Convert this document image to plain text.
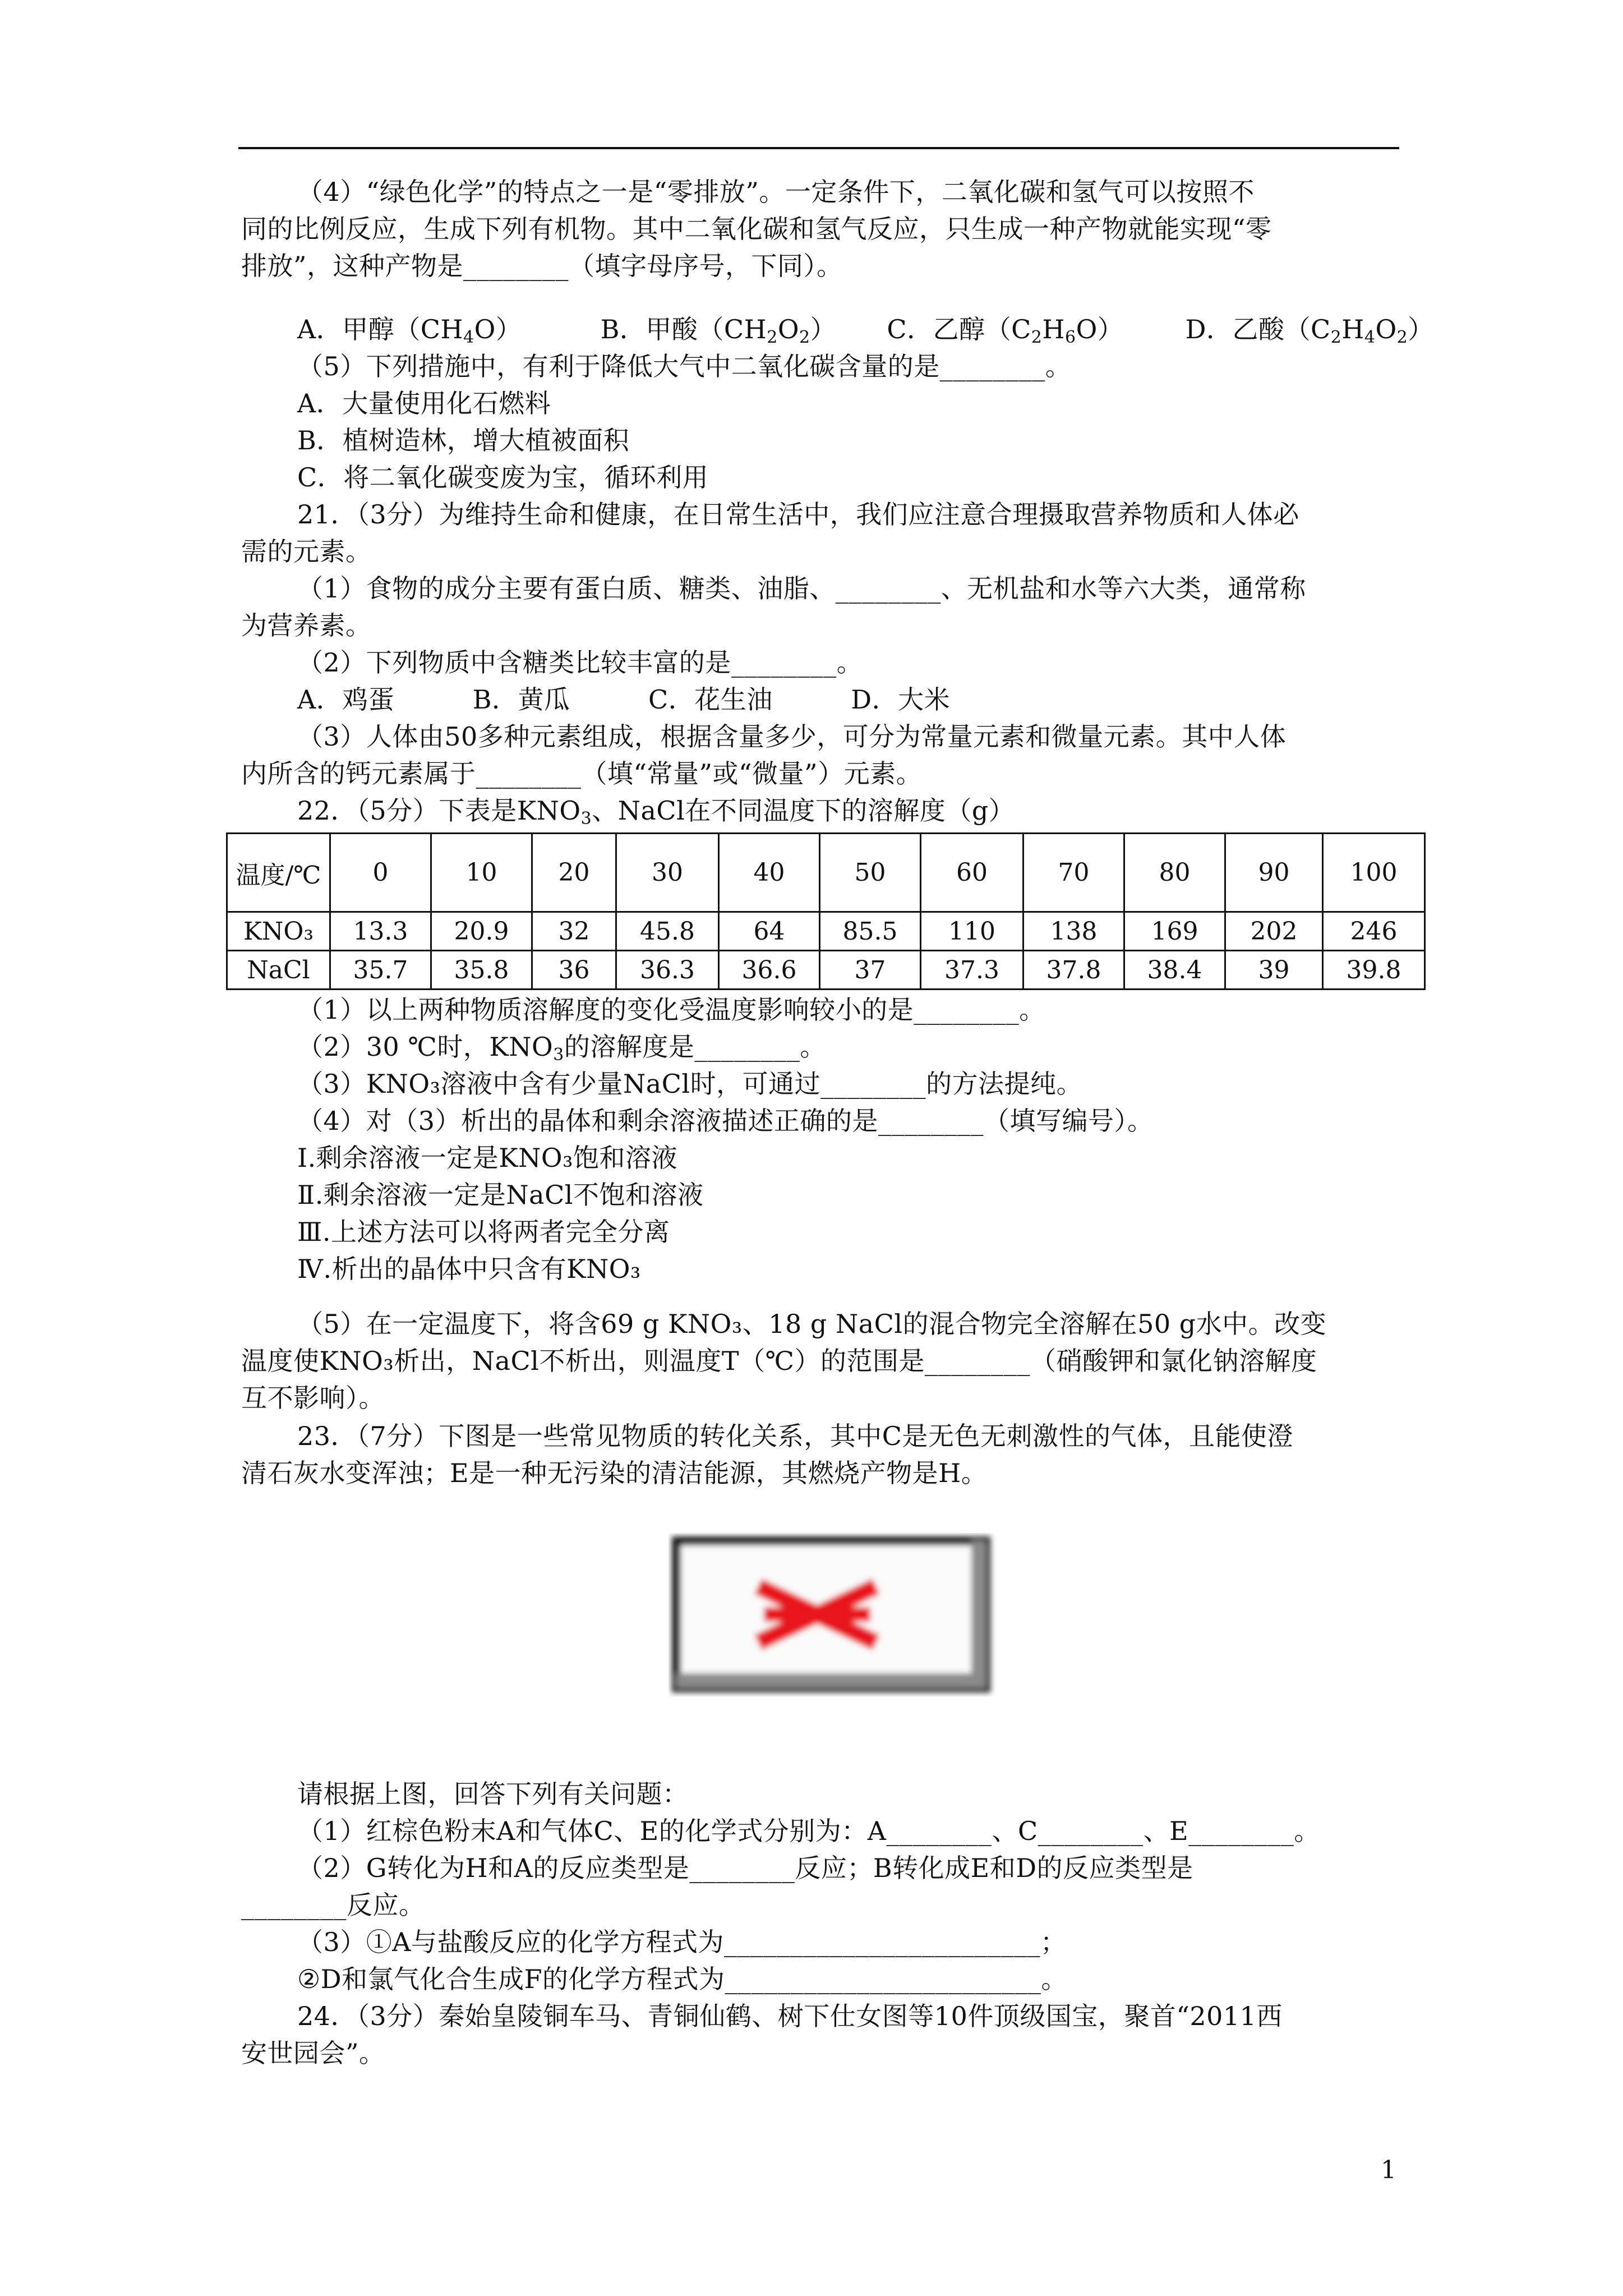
（4）“绿色化学”的特点之一是“零排放”。一定条件下，二氧化碳和氢气可以按照不
同的比例反应，生成下列有机物。其中二氧化碳和氢气反应，只生成一种产物就能实现“零
排放”，这种产物是________（填字母序号，下同）。
A．甲醇$(CH_4O)$	B．甲酸$(CH_2O_2)$ C．乙醇$(C_2H_6O)$ D．乙酸$(C_2H_4O_2)$
（5）下列措施中，有利于降低大气中二氧化碳含量的是________。
A．大量使用化石燃料
B．植树造林，增大植被面积
C．将二氧化碳变废为宝，循环利用
21．（3分）为维持生命和健康，在日常生活中，我们应注意合理摄取营养物质和人体必
需的元素。
（1）食物的成分主要有蛋白质、糖类、油脂、________、无机盐和水等六大类，通常称
为营养素。
（2）下列物质中含糖类比较丰富的是________。
A．鸡蛋　　　B．黄瓜　　　C．花生油　　　D．大米
（3）人体由50多种元素组成，根据含量多少，可分为常量元素和微量元素。其中人体
内所含的钙元素属于________（填“常量”或“微量”）元素。
22．（5分）下表是$KNO_3$、NaCl在不同温度下的溶解度（g）
温度/℃	0	10	20	30	40	50	60	70	80	90	100
KNO₃	13.3	20.9	32	45.8	64	85.5	110	138	169	202	246
NaCl	35.7	35.8	36	36.3	36.6	37	37.3	37.8	38.4	39	39.8
（1）以上两种物质溶解度的变化受温度影响较小的是________。
（2）30 ℃时，$KNO_3$的溶解度是________。
（3）KNO₃溶液中含有少量NaCl时，可通过________的方法提纯。
（4）对（3）析出的晶体和剩余溶液描述正确的是________（填写编号）。
Ⅰ.剩余溶液一定是KNO₃饱和溶液
Ⅱ.剩余溶液一定是NaCl不饱和溶液
Ⅲ.上述方法可以将两者完全分离
Ⅳ.析出的晶体中只含有KNO₃
（5）在一定温度下，将含69 g KNO₃、18 g NaCl的混合物完全溶解在50 g水中。改变
温度使KNO₃析出，NaCl不析出，则温度T（℃）的范围是________（硝酸钾和氯化钠溶解度
互不影响）。
23．（7分）下图是一些常见物质的转化关系，其中C是无色无刺激性的气体，且能使澄
清石灰水变浑浊；E是一种无污染的清洁能源，其燃烧产物是H。
请根据上图，回答下列有关问题：
（1）红棕色粉末A和气体C、E的化学式分别为：A________、C________、E________。
（2）G转化为H和A的反应类型是________反应；B转化成E和D的反应类型是
________反应。
（3）①A与盐酸反应的化学方程式为________________________；
②D和氯气化合生成F的化学方程式为________________________。
24．（3分）秦始皇陵铜车马、青铜仙鹤、树下仕女图等10件顶级国宝，聚首“2011西
安世园会”。
1
